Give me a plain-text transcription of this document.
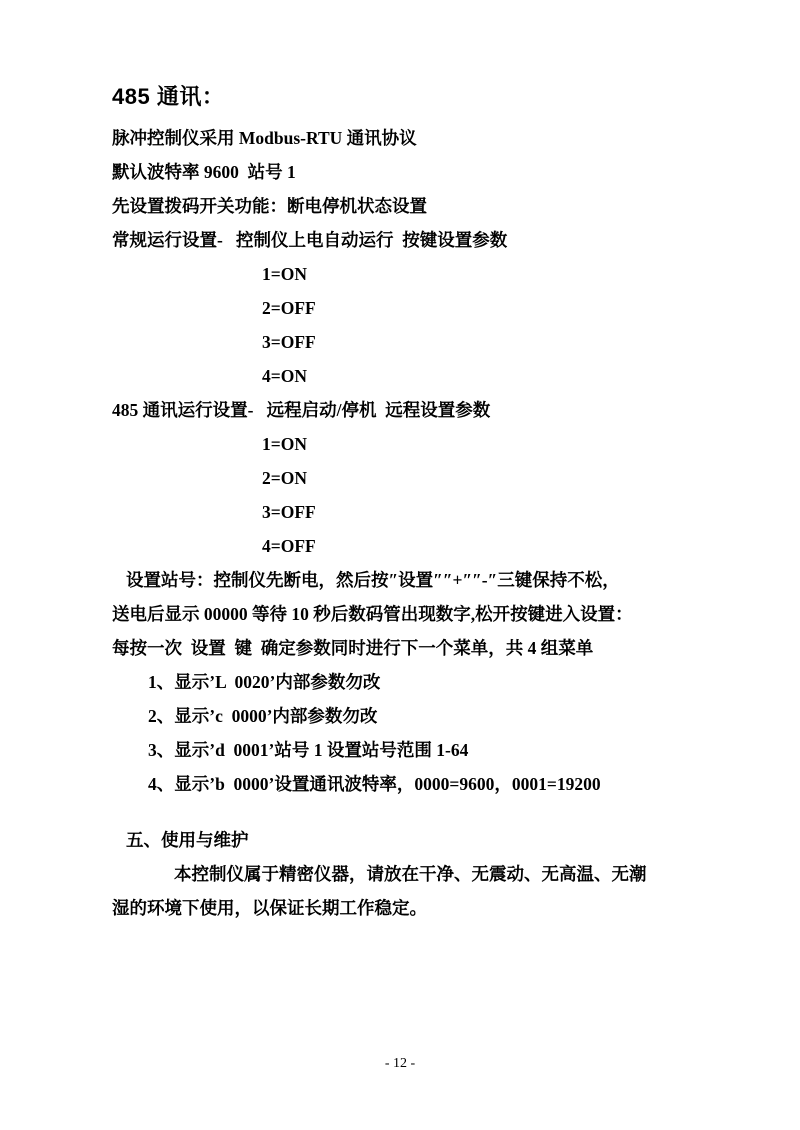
485 通讯：
脉冲控制仪采用 Modbus-RTU 通讯协议
默认波特率 9600  站号 1
先设置拨码开关功能：断电停机状态设置
常规运行设置-   控制仪上电自动运行  按键设置参数
1=ON
2=OFF
3=OFF
4=ON
485 通讯运行设置-   远程启动/停机  远程设置参数
1=ON
2=ON
3=OFF
4=OFF
设置站号：控制仪先断电，然后按″设置″″+″″-″三键保持不松，
送电后显示 00000 等待 10 秒后数码管出现数字,松开按键进入设置：
每按一次  设置  键  确定参数同时进行下一个菜单，共 4 组菜单
1、显示’L  0020’内部参数勿改
2、显示’c  0000’内部参数勿改
3、显示’d  0001’站号 1 设置站号范围 1-64
4、显示’b  0000’设置通讯波特率，0000=9600，0001=19200
五、使用与维护
本控制仪属于精密仪器，请放在干净、无震动、无高温、无潮
湿的环境下使用，以保证长期工作稳定。
- 12 -
